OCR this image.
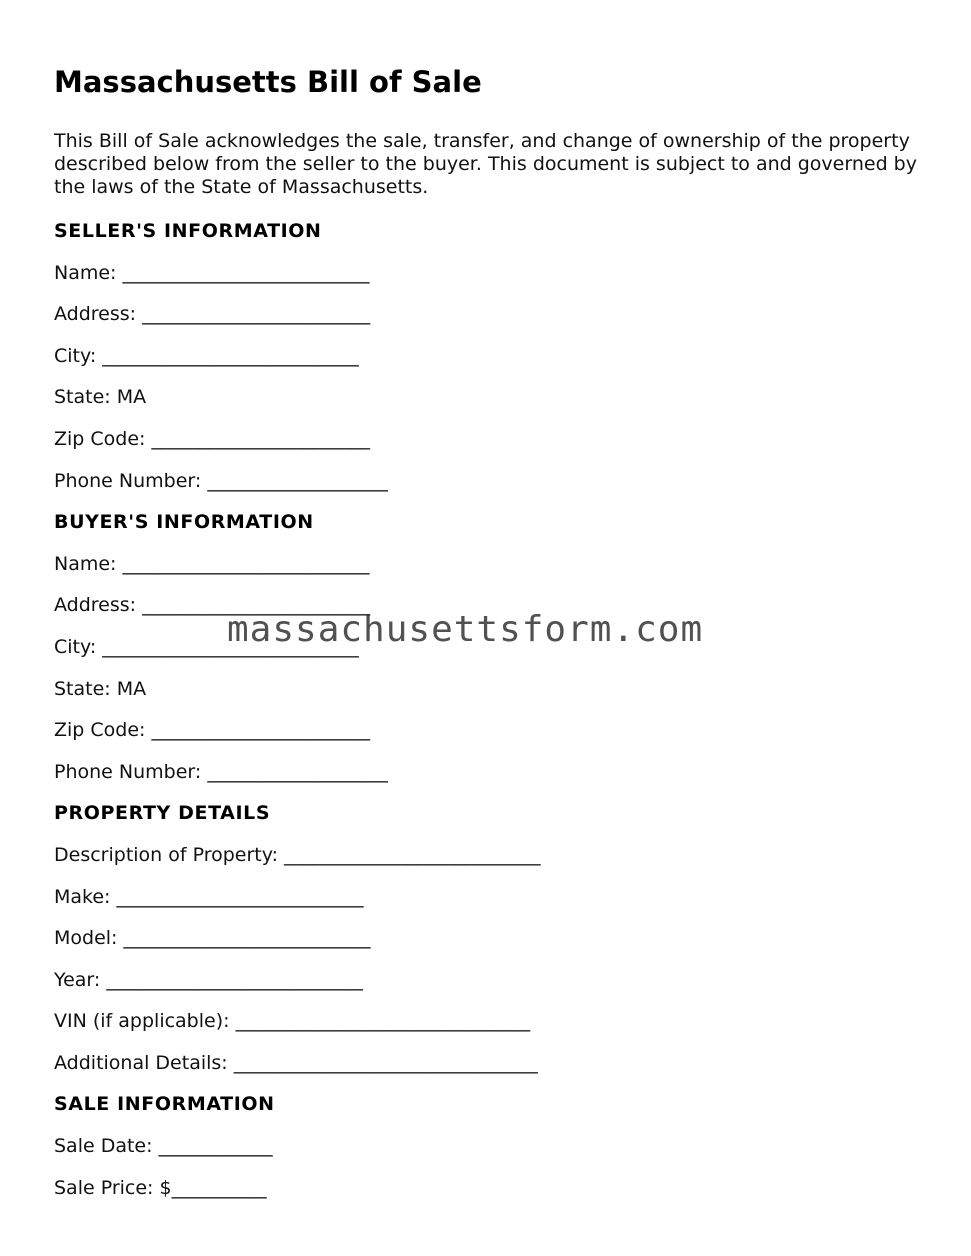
Massachusetts Bill of Sale

This Bill of Sale acknowledges the sale, transfer, and change of ownership of the property described below from the seller to the buyer. This document is subject to and governed by the laws of the State of Massachusetts.

SELLER'S INFORMATION
Name: __________________________
Address: ________________________
City: ___________________________
State: MA
Zip Code: _______________________
Phone Number: ___________________
BUYER'S INFORMATION
Name: __________________________
Address: ________________________
City: ___________________________
State: MA
Zip Code: _______________________
Phone Number: ___________________
PROPERTY DETAILS
Description of Property: ___________________________
Make: __________________________
Model: __________________________
Year: ___________________________
VIN (if applicable): _______________________________
Additional Details: ________________________________
SALE INFORMATION
Sale Date: ____________
Sale Price: $__________
massachusettsform.com
